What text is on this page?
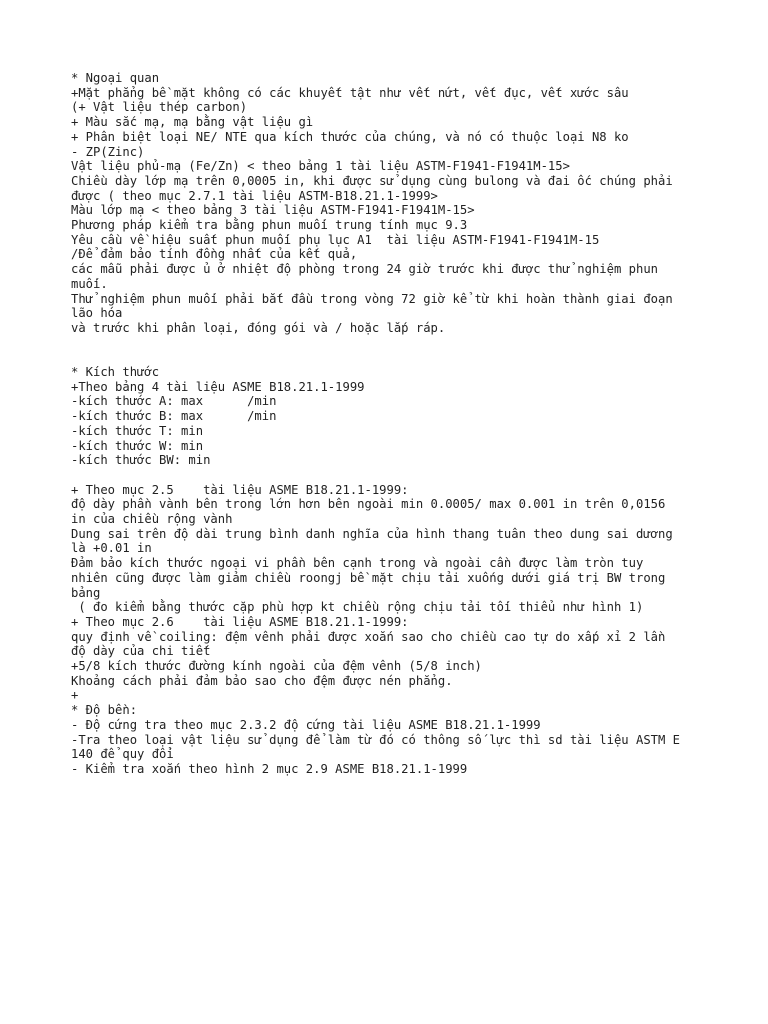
* Ngoại quan
+Mặt phẳng bề mặt không có các khuyết tật như vết nứt, vết đục, vết xước sâu
(+ Vật liệu thép carbon)
+ Màu sắc mạ, mạ bằng vật liệu gì
+ Phân biệt loại NE/ NTE qua kích thước của chúng, và nó có thuộc loại N8 ko
- ZP(Zinc)
Vật liệu phủ-mạ (Fe/Zn) < theo bảng 1 tài liệu ASTM-F1941-F1941M-15>
Chiều dày lớp mạ trên 0,0005 in, khi được sử dụng cùng bulong và đai ốc chúng phải
được ( theo mục 2.7.1 tài liệu ASTM-B18.21.1-1999>
Màu lớp mạ < theo bảng 3 tài liệu ASTM-F1941-F1941M-15>
Phương pháp kiểm tra bằng phun muối trung tính mục 9.3
Yêu cầu về hiệu suất phun muối phụ lục A1  tài liệu ASTM-F1941-F1941M-15
/Để đảm bảo tính đồng nhất của kết quả,
các mẫu phải được ủ ở nhiệt độ phòng trong 24 giờ trước khi được thử nghiệm phun
muối.
Thử nghiệm phun muối phải bắt đầu trong vòng 72 giờ kể từ khi hoàn thành giai đoạn
lão hóa
và trước khi phân loại, đóng gói và / hoặc lắp ráp.
* Kích thước
+Theo bảng 4 tài liệu ASME B18.21.1-1999
-kích thước A: max      /min
-kích thước B: max      /min
-kích thước T: min
-kích thước W: min
-kích thước BW: min
+ Theo mục 2.5    tài liệu ASME B18.21.1-1999:
độ dày phần vành bên trong lớn hơn bên ngoài min 0.0005/ max 0.001 in trên 0,0156
in của chiều rộng vành
Dung sai trên độ dài trung bình danh nghĩa của hình thang tuân theo dung sai dương
là +0.01 in
Đảm bảo kích thước ngoại vi phần bên cạnh trong và ngoài cần được làm tròn tuy
nhiên cũng được làm giảm chiều roongj bề mặt chịu tải xuống dưới giá trị BW trong
bảng
( đo kiểm bằng thước cặp phù hợp kt chiều rộng chịu tải tối thiểu như hình 1)
+ Theo mục 2.6    tài liệu ASME B18.21.1-1999:
quy định về coiling: đệm vênh phải được xoắn sao cho chiều cao tự do xấp xỉ 2 lần
độ dày của chi tiết
+5/8 kích thước đường kính ngoài của đệm vênh (5/8 inch)
Khoảng cách phải đảm bảo sao cho đệm được nén phẳng.
+
* Độ bền:
- Độ cứng tra theo mục 2.3.2 độ cứng tài liệu ASME B18.21.1-1999
-Tra theo loại vật liệu sử dụng để làm từ đó có thông số lực thì sd tài liệu ASTM E
140 để quy đổi
- Kiểm tra xoắn theo hình 2 mục 2.9 ASME B18.21.1-1999
